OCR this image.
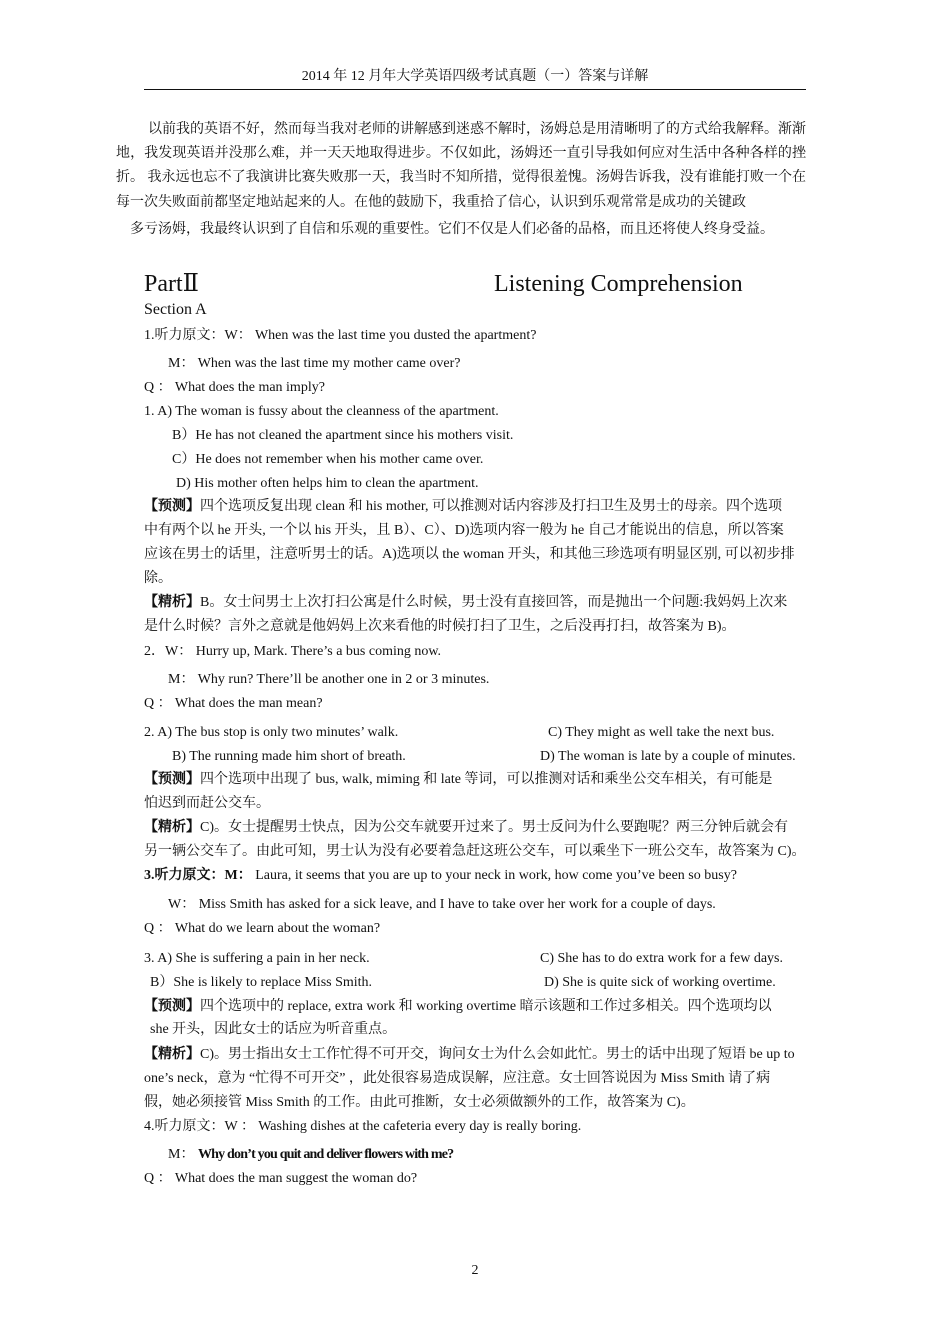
2014 年 12 月年大学英语四级考试真题（一）答案与详解
以前我的英语不好，然而每当我对老师的讲解感到迷惑不解时，汤姆总是用清晰明了的方式给我解释。渐渐地，我发现英语并没那么难，并一天天地取得进步。不仅如此，汤姆还一直引导我如何应对生活中各种各样的挫折。 我永远也忘不了我演讲比赛失败那一天，我当时不知所措，觉得很羞愧。汤姆告诉我，没有谁能打败一个在每一次失败面前都坚定地站起来的人。在他的鼓励下，我重拾了信心，认识到乐观常常是成功的关键政
多亏汤姆，我最终认识到了自信和乐观的重要性。它们不仅是人们必备的品格，而且还将使人终身受益。
PartⅡ	Listening Comprehension
Section A
1.听力原文：W： When was the last time you dusted the apartment?
M： When was the last time my mother came over?
Q ： What does the man imply?
1. A) The woman is fussy about the cleanness of the apartment.
B）He has not cleaned the apartment since his mothers visit.
C）He does not remember when his mother came over.
D) His mother often helps him to clean the apartment.
【预测】四个选项反复出现 clean 和 his mother, 可以推测对话内容涉及打扫卫生及男士的母亲。四个选项
中有两个以 he 开头, 一个以 his 开头，且 B）、C）、D)选项内容一般为 he 自己才能说出的信息，所以答案
应该在男士的话里，注意听男士的话。A)选项以 the woman 开头，和其他三珍选项有明显区别, 可以初步排
除。
【精析】B。女士问男士上次打扫公寓是什么时候，男士没有直接回答，而是抛出一个问题:我妈妈上次来
是什么时候？言外之意就是他妈妈上次来看他的时候打扫了卫生，之后没再打扫，故答案为 B)。
2．W： Hurry up, Mark. There’s a bus coming now.
M： Why run? There’ll be another one in 2 or 3 minutes.
Q ： What does the man mean?
2. A) The bus stop is only two minutes’ walk.	C) They might as well take the next bus.
B) The running made him short of breath.	D) The woman is late by a couple of minutes.
【预测】四个选项中出现了 bus, walk, miming 和 late 等词，可以推测对话和乘坐公交车相关，有可能是
怕迟到而赶公交车。
【精析】C)。女士提醒男士快点，因为公交车就要开过来了。男士反问为什么要跑呢？两三分钟后就会有
另一辆公交车了。由此可知，男士认为没有必要着急赶这班公交车，可以乘坐下一班公交车，故答案为 C)。
3.听力原文：M： Laura, it seems that you are up to your neck in work, how come you’ve been so busy?
W： Miss Smith has asked for a sick leave, and I have to take over her work for a couple of days.
Q ： What do we learn about the woman?
3. A) She is suffering a pain in her neck.	C) She has to do extra work for a few days.
B）She is likely to replace Miss Smith.	D) She is quite sick of working overtime.
【预测】四个选项中的 replace, extra work 和 working overtime 暗示该题和工作过多相关。四个选项均以
she 开头，因此女士的话应为听音重点。
【精析】C)。男士指出女士工作忙得不可开交，询问女士为什么会如此忙。男士的话中出现了短语 be up to
one’s neck，意为 “忙得不可开交” ，此处很容易造成误解，应注意。女士回答说因为 Miss Smith 请了病
假，她必须接管 Miss Smith 的工作。由此可推断，女士必须做额外的工作，故答案为 C)。
4.听力原文：W ： Washing dishes at the cafeteria every day is really boring.
M： Why don’t you quit and deliver flowers with me?
Q ： What does the man suggest the woman do?
2
